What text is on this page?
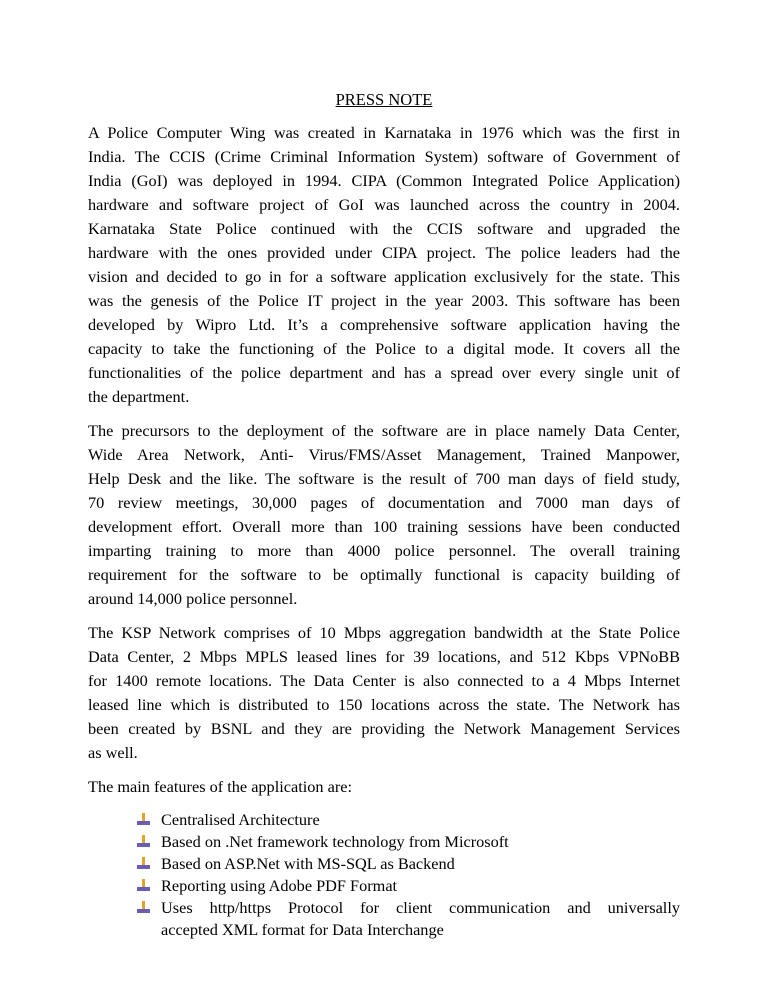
PRESS NOTE
A Police Computer Wing was created in Karnataka in 1976 which was the first in
India. The CCIS (Crime Criminal Information System) software of Government of
India (GoI) was deployed in 1994. CIPA (Common Integrated Police Application)
hardware and software project of GoI was launched across the country in 2004.
Karnataka State Police continued with the CCIS software and upgraded the
hardware with the ones provided under CIPA project. The police leaders had the
vision and decided to go in for a software application exclusively for the state. This
was the genesis of the Police IT project in the year 2003. This software has been
developed by Wipro Ltd. It’s a comprehensive software application having the
capacity to take the functioning of the Police to a digital mode. It covers all the
functionalities of the police department and has a spread over every single unit of
the department.
The precursors to the deployment of the software are in place namely Data Center,
Wide Area Network, Anti- Virus/FMS/Asset Management, Trained Manpower,
Help Desk and the like. The software is the result of 700 man days of field study,
70 review meetings, 30,000 pages of documentation and 7000 man days of
development effort. Overall more than 100 training sessions have been conducted
imparting training to more than 4000 police personnel. The overall training
requirement for the software to be optimally functional is capacity building of
around 14,000 police personnel.
The KSP Network comprises of 10 Mbps aggregation bandwidth at the State Police
Data Center, 2 Mbps MPLS leased lines for 39 locations, and 512 Kbps VPNoBB
for 1400 remote locations. The Data Center is also connected to a 4 Mbps Internet
leased line which is distributed to 150 locations across the state. The Network has
been created by BSNL and they are providing the Network Management Services
as well.
The main features of the application are:
Centralised Architecture
Based on .Net framework technology from Microsoft
Based on ASP.Net with MS-SQL as Backend
Reporting using Adobe PDF Format
Uses http/https Protocol for client communication and universally
accepted XML format for Data Interchange
